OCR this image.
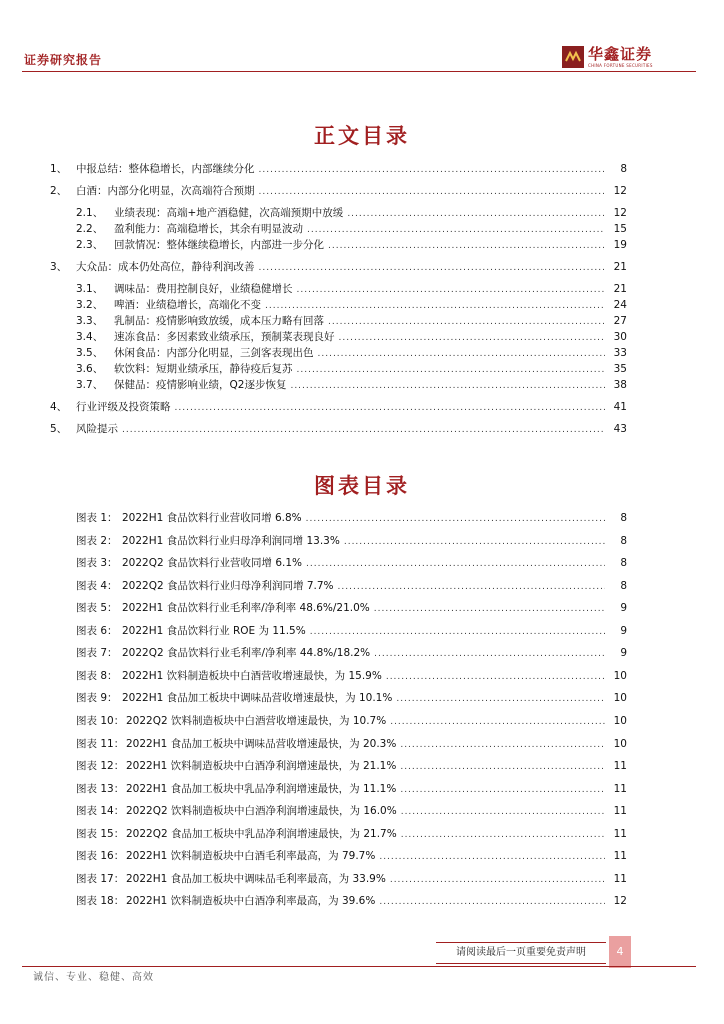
证券研究报告	华鑫证券
CHINA FORTUNE SECURITIES
正文目录
1、 中报总结：整体稳增长，内部继续分化 .....	8
2、 白酒：内部分化明显，次高端符合预期 .....	12
2.1、	业绩表现：高端+地产酒稳健，次高端预期中放缓 .....	12
2.2、	盈利能力：高端稳增长，其余有明显波动 .....	15
2.3、	回款情况：整体继续稳增长，内部进一步分化 .....	19
3、 大众品：成本仍处高位，静待利润改善 .....	21
3.1、	调味品：费用控制良好，业绩稳健增长 .....	21
3.2、	啤酒：业绩稳增长，高端化不变 .....	24
3.3、	乳制品：疫情影响致放缓，成本压力略有回落 .....	27
3.4、	速冻食品：多因素致业绩承压，预制菜表现良好 .....	30
3.5、	休闲食品：内部分化明显，三剑客表现出色 .....	33
3.6、	软饮料：短期业绩承压，静待疫后复苏 .....	35
3.7、	保健品：疫情影响业绩，Q2逐步恢复 .....	38
4、 行业评级及投资策略 .....	41
5、 风险提示 .....	43
图表目录
图表 1： 2022H1 食品饮料行业营收同增 6.8% .....	8
图表 2： 2022H1 食品饮料行业归母净利润同增 13.3% .....	8
图表 3： 2022Q2 食品饮料行业营收同增 6.1% .....	8
图表 4： 2022Q2 食品饮料行业归母净利润同增 7.7% .....	8
图表 5： 2022H1 食品饮料行业毛利率/净利率 48.6%/21.0% .....	9
图表 6： 2022H1 食品饮料行业 ROE 为 11.5% .....	9
图表 7： 2022Q2 食品饮料行业毛利率/净利率 44.8%/18.2% .....	9
图表 8： 2022H1 饮料制造板块中白酒营收增速最快，为 15.9% .....	10
图表 9： 2022H1 食品加工板块中调味品营收增速最快，为 10.1% .....	10
图表 10： 2022Q2 饮料制造板块中白酒营收增速最快，为 10.7% .....	10
图表 11： 2022H1 食品加工板块中调味品营收增速最快，为 20.3% .....	10
图表 12： 2022H1 饮料制造板块中白酒净利润增速最快，为 21.1% .....	11
图表 13： 2022H1 食品加工板块中乳品净利润增速最快，为 11.1% .....	11
图表 14： 2022Q2 饮料制造板块中白酒净利润增速最快，为 16.0% .....	11
图表 15： 2022Q2 食品加工板块中乳品净利润增速最快，为 21.7% .....	11
图表 16： 2022H1 饮料制造板块中白酒毛利率最高，为 79.7% .....	11
图表 17： 2022H1 食品加工板块中调味品毛利率最高，为 33.9% .....	11
图表 18： 2022H1 饮料制造板块中白酒净利率最高，为 39.6% .....	12
请阅读最后一页重要免责声明	4
诚信、专业、稳健、高效
